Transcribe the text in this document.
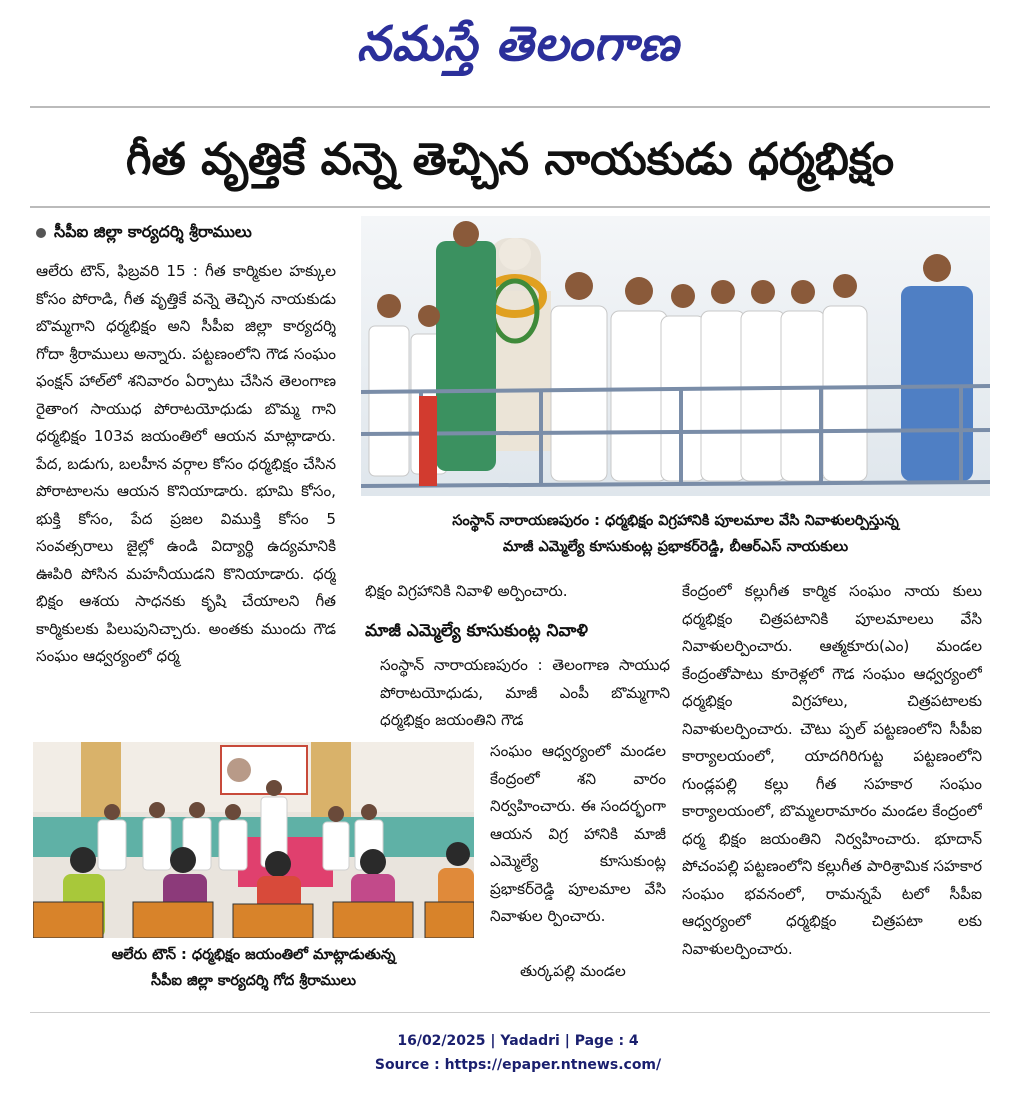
నమస్తే తెలంగాణ
గీత వృత్తికే వన్నె తెచ్చిన నాయకుడు ధర్మభిక్షం
సీపీఐ జిల్లా కార్యదర్శి శ్రీరాములు

ఆలేరు టౌన్‌, ఫిబ్రవరి 15 : గీత కార్మికుల హక్కుల కోసం పోరాడి, గీత వృత్తికే వన్నె తెచ్చిన నాయకుడు బొమ్మగాని ధర్మభిక్షం అని సీపీఐ జిల్లా కార్యదర్శి గోదా శ్రీరాములు అన్నారు. పట్టణంలోని గౌడ సంఘం ఫంక్షన్‌ హాల్‌లో శనివారం ఏర్పాటు చేసిన తెలంగాణ రైతాంగ సాయుధ పోరాటయోధుడు బొమ్మ గాని ధర్మభిక్షం 103వ జయంతిలో ఆయన మాట్లాడారు. పేద, బడుగు, బలహీన వర్గాల కోసం ధర్మభిక్షం చేసిన పోరాటాలను ఆయన కొనియాడారు. భూమి కోసం, భుక్తి కోసం, పేద ప్రజల విముక్తి కోసం 5 సంవత్సరాలు జైల్లో ఉండి విద్యార్థి ఉద్యమానికి ఊపిరి పోసిన మహనీయుడని కొనియాడారు. ధర్మ భిక్షం ఆశయ సాధనకు కృషి చేయాలని గీత కార్మికులకు పిలుపునిచ్చారు. అంతకు ముందు గౌడ సంఘం ఆధ్వర్యంలో ధర్మ

సంస్థాన్‌ నారాయణపురం : ధర్మభిక్షం విగ్రహానికి పూలమాల వేసి నివాళులర్పిస్తున్న
మాజీ ఎమ్మెల్యే కూసుకుంట్ల ప్రభాకర్‌రెడ్డి, బీఆర్‌ఎస్‌ నాయకులు

భిక్షం విగ్రహానికి నివాళి అర్పించారు.

మాజీ ఎమ్మెల్యే కూసుకుంట్ల నివాళి

సంస్థాన్‌ నారాయణపురం : తెలంగాణ సాయుధ పోరాటయోధుడు, మాజీ ఎంపీ బొమ్మగాని ధర్మభిక్షం జయంతిని గౌడ

సంఘం ఆధ్వర్యంలో మండల కేంద్రంలో శని వారం నిర్వహించారు. ఈ సందర్భంగా ఆయన విగ్ర హానికి మాజీ ఎమ్మెల్యే కూసుకుంట్ల ప్రభాకర్‌రెడ్డి పూలమాల వేసి నివాళుల ర్పించారు.

తుర్కపల్లి మండల

కేంద్రంలో కల్లుగీత కార్మిక సంఘం నాయ కులు ధర్మభిక్షం చిత్రపటానికి పూలమాలలు వేసి నివాళులర్పించారు. ఆత్మకూరు(ఎం) మండల కేంద్రంతోపాటు కూరెళ్లలో గౌడ సంఘం ఆధ్వర్యంలో ధర్మభిక్షం విగ్రహాలు, చిత్రపటాలకు నివాళులర్పించారు. చౌటు ప్పల్‌ పట్టణంలోని సీపీఐ కార్యాలయంలో, యాదగిరిగుట్ట పట్టణంలోని గుండ్లపల్లి కల్లు గీత సహకార సంఘం కార్యాలయంలో, బొమ్మలరామారం మండల కేంద్రంలో ధర్మ భిక్షం జయంతిని నిర్వహించారు. భూదాన్‌ పోచంపల్లి పట్టణంలోని కల్లుగీత పారిశ్రామిక సహకార సంఘం భవనంలో, రామన్నపే టలో సీపీఐ ఆధ్వర్యంలో ధర్మభిక్షం చిత్రపటా లకు నివాళులర్పించారు.

ఆలేరు టౌన్‌ : ధర్మభిక్షం జయంతిలో మాట్లాడుతున్న
సీపీఐ జిల్లా కార్యదర్శి గోద శ్రీరాములు
16/02/2025 | Yadadri | Page : 4
Source : https://epaper.ntnews.com/
